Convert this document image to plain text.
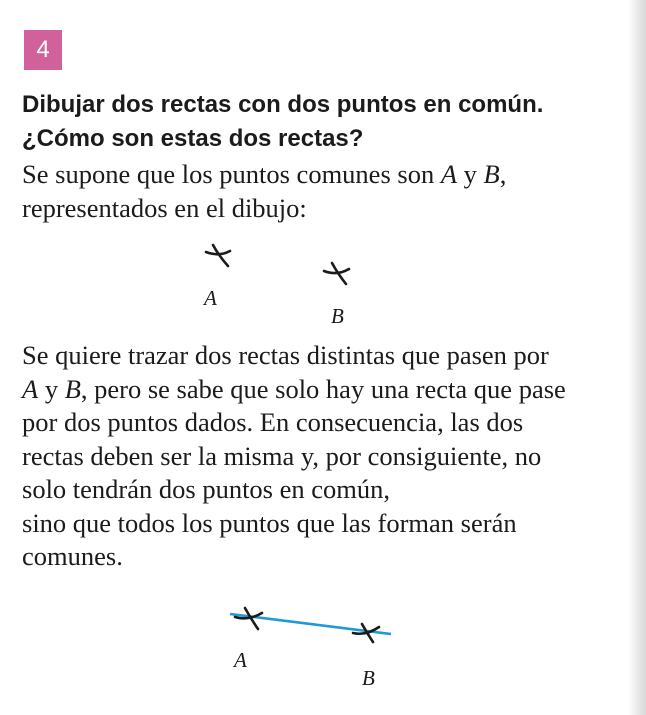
4
Dibujar dos rectas con dos puntos en común.
¿Cómo son estas dos rectas?

Se supone que los puntos comunes son A y B,
representados en el dibujo:

A
B
A
B

Se quiere trazar dos rectas distintas que pasen por
A y B, pero se sabe que solo hay una recta que pase
por dos puntos dados. En consecuencia, las dos
rectas deben ser la misma y, por consiguiente, no
solo tendrán dos puntos en común,
sino que todos los puntos que las forman serán
comunes.
